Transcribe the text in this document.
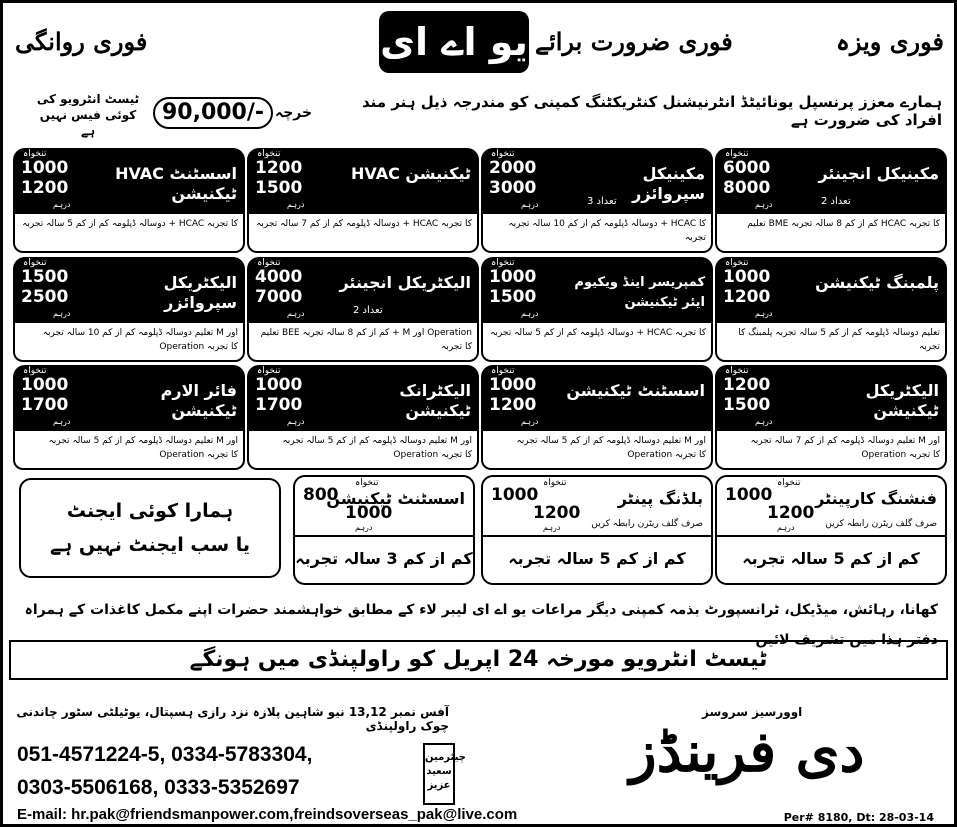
فوری روانگی	یو اے ای فوری ضرورت برائے	فوری ویزہ
ٹیسٹ انٹرویو کی کوئی فیس نہیں ہے
90,000/- خرچہ
ہمارے معزز پرنسپل یونائیٹڈ انٹرنیشنل کنٹریکٹنگ کمپنی کو مندرجہ ذیل ہنر مند افراد کی ضرورت ہے
مکینیکل انجینئر
تنخواہ
6000
8000
درہم	تعداد 2
تعلیم BME کم از کم 8 سالہ تجربہ HCAC کا تجربہ
مکینیکل سپروائزر
تنخواہ
2000
3000
درہم	تعداد 3
دوسالہ ڈپلومہ کم از کم 10 سالہ تجربہ + HCAC کا تجربہ
HVAC ٹیکنیشن
تنخواہ
1200
1500
درہم
دوسالہ ڈپلومہ کم از کم 7 سالہ تجربہ + HCAC کا تجربہ
HVAC اسسٹنٹ ٹیکنیشن
تنخواہ
1000
1200
درہم
دوسالہ ڈپلومہ کم از کم 5 سالہ تجربہ + HCAC کا تجربہ
پلمبنگ ٹیکنیشن
تنخواہ
1000
1200
درہم
تعلیم دوسالہ ڈپلومہ کم از کم 5 سالہ تجربہ پلمبنگ کا تجربہ
کمپریسر اینڈ ویکیوم ایئر ٹیکنیشن
تنخواہ
1000
1500
درہم
دوسالہ ڈپلومہ کم از کم 5 سالہ تجربہ + HCAC کا تجربہ
الیکٹریکل انجینئر
تنخواہ
4000
7000
درہم	تعداد 2
تعلیم BEE کم از کم 8 سالہ تجربہ + M اور Operation کا تجربہ
الیکٹریکل سپروائزر
تنخواہ
1500
2500
درہم
تعلیم دوسالہ ڈپلومہ کم از کم 10 سالہ تجربہ M اور Operation کا تجربہ
الیکٹریکل ٹیکنیشن
تنخواہ
1200
1500
درہم
تعلیم دوسالہ ڈپلومہ کم از کم 7 سالہ تجربہ M اور Operation کا تجربہ
اسسٹنٹ ٹیکنیشن
تنخواہ
1000
1200
درہم
تعلیم دوسالہ ڈپلومہ کم از کم 5 سالہ تجربہ M اور Operation کا تجربہ
الیکٹرانک ٹیکنیشن
تنخواہ
1000
1700
درہم
تعلیم دوسالہ ڈپلومہ کم از کم 5 سالہ تجربہ M اور Operation کا تجربہ
فائر الارم ٹیکنیشن
تنخواہ
1000
1700
درہم
تعلیم دوسالہ ڈپلومہ کم از کم 5 سالہ تجربہ M اور Operation کا تجربہ
فنشنگ کارپینٹر
تنخواہ
1000
1200
درہم	صرف گلف ریٹرن رابطہ کریں
کم از کم 5 سالہ تجربہ
بلڈنگ پینٹر
تنخواہ
1000
1200
درہم	صرف گلف ریٹرن رابطہ کریں
کم از کم 5 سالہ تجربہ
اسسٹنٹ ٹیکنیشن
تنخواہ
800
1000
درہم
کم از کم 3 سالہ تجربہ
ہمارا کوئی ایجنٹ
یا سب ایجنٹ نہیں ہے
کھانا، رہائش، میڈیکل، ٹرانسپورٹ بذمہ کمپنی دیگر مراعات یو اے ای لیبر لاء کے مطابق خواہشمند حضرات اپنے مکمل کاغذات کے ہمراہ دفتر ہذا میں تشریف لائیں
ٹیسٹ انٹرویو مورخہ 24 اپریل کو راولپنڈی میں ہونگے
آفس نمبر 13,12 نیو شاہین پلازہ نزد رازی ہسپتال، یوٹیلٹی سٹور چاندنی چوک راولپنڈی
051-4571224-5, 0334-5783304,
0303-5506168, 0333-5352697
چیئرمین
سعید عزیز
اوورسیز سروسز
دی فرینڈز
E-mail: hr.pak@friendsmanpower.com,freindsoverseas_pak@live.com	Per# 8180, Dt: 28-03-14
